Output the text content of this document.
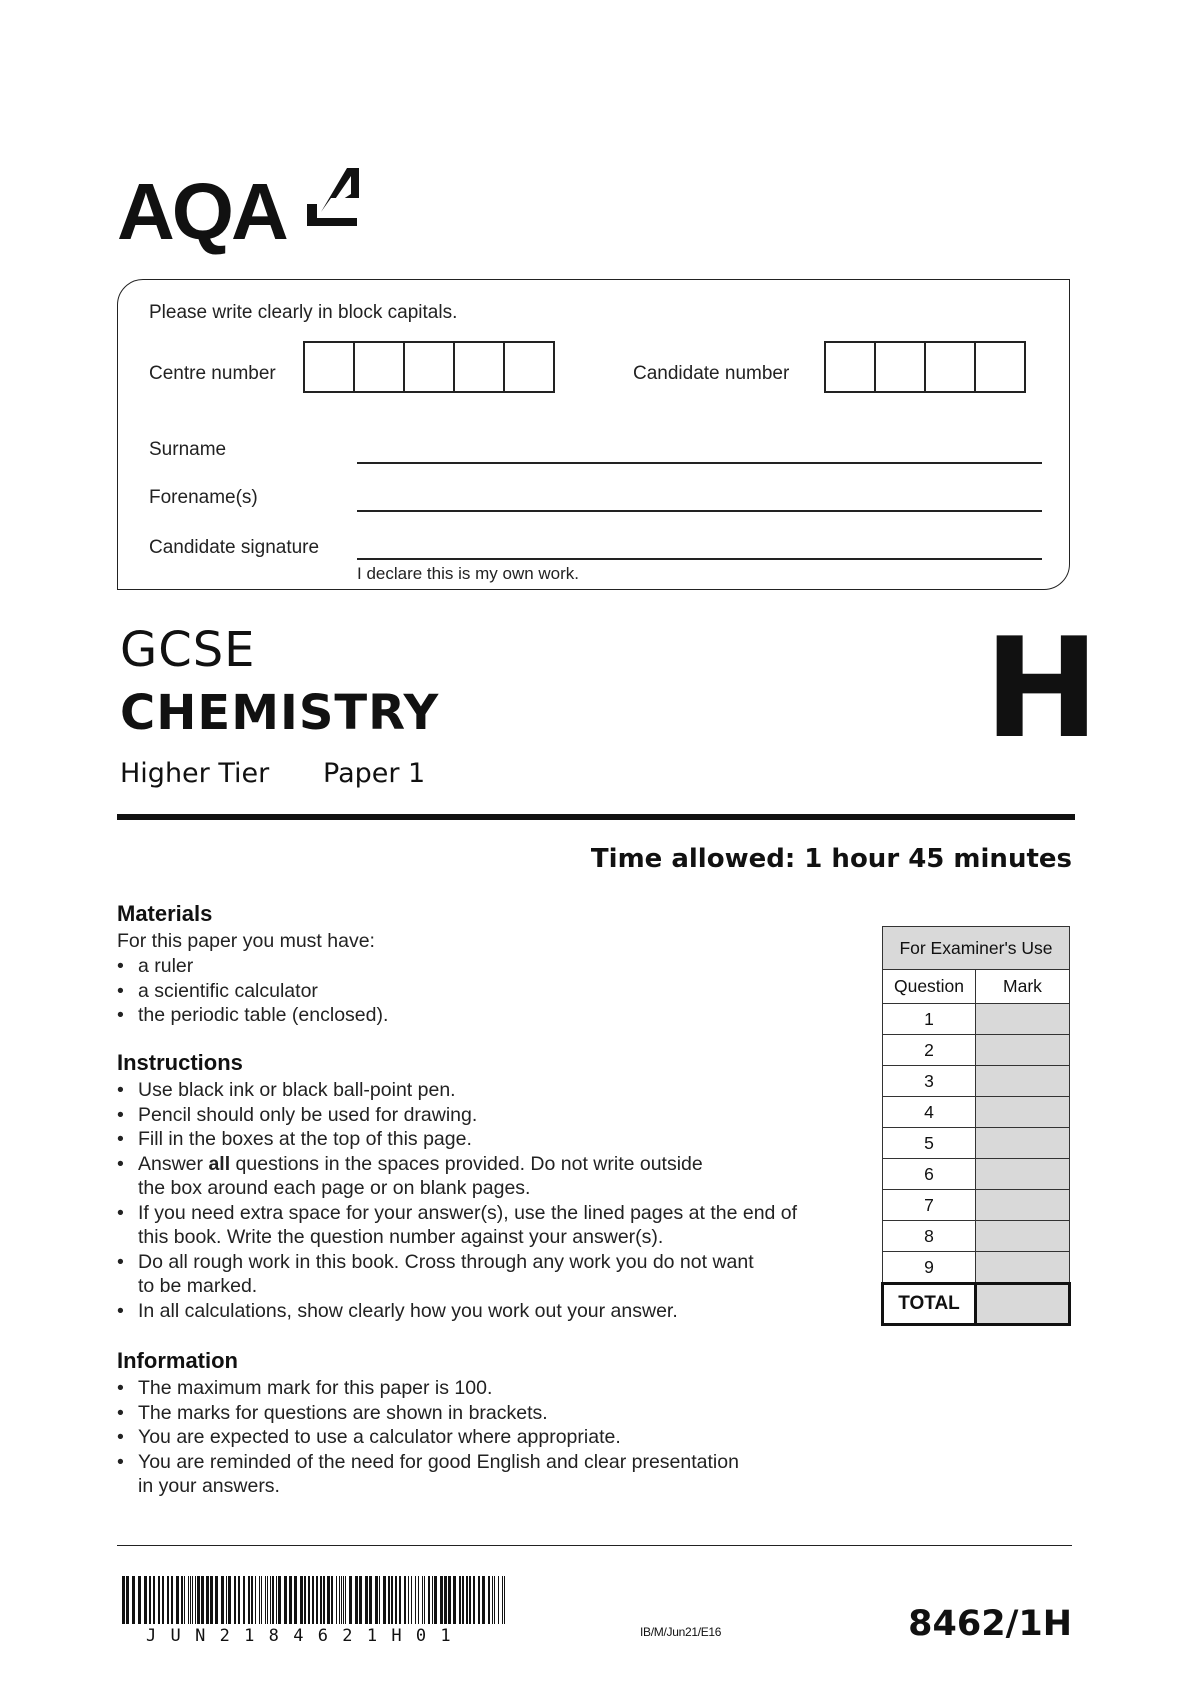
AQA
Please write clearly in block capitals.
Centre number	Candidate number
Surname
Forename(s)
Candidate signature
I declare this is my own work.
GCSE
CHEMISTRY
Higher Tier Paper 1
H
Time allowed: 1 hour 45 minutes
Materials
For this paper you must have:
• a ruler
• a scientific calculator
• the periodic table (enclosed).
Instructions
• Use black ink or black ball-point pen.
• Pencil should only be used for drawing.
• Fill in the boxes at the top of this page.
• Answer all questions in the spaces provided. Do not write outside
the box around each page or on blank pages.
• If you need extra space for your answer(s), use the lined pages at the end of
this book. Write the question number against your answer(s).
• Do all rough work in this book. Cross through any work you do not want
to be marked.
• In all calculations, show clearly how you work out your answer.
Information
• The maximum mark for this paper is 100.
• The marks for questions are shown in brackets.
• You are expected to use a calculator where appropriate.
• You are reminded of the need for good English and clear presentation
in your answers.
For Examiner's Use	
Question	Mark
1	
2	
3	
4	
5	
6	
7	
8	
9	
TOTAL	
JUN2184621H01	IB/M/Jun21/E16	8462/1H
